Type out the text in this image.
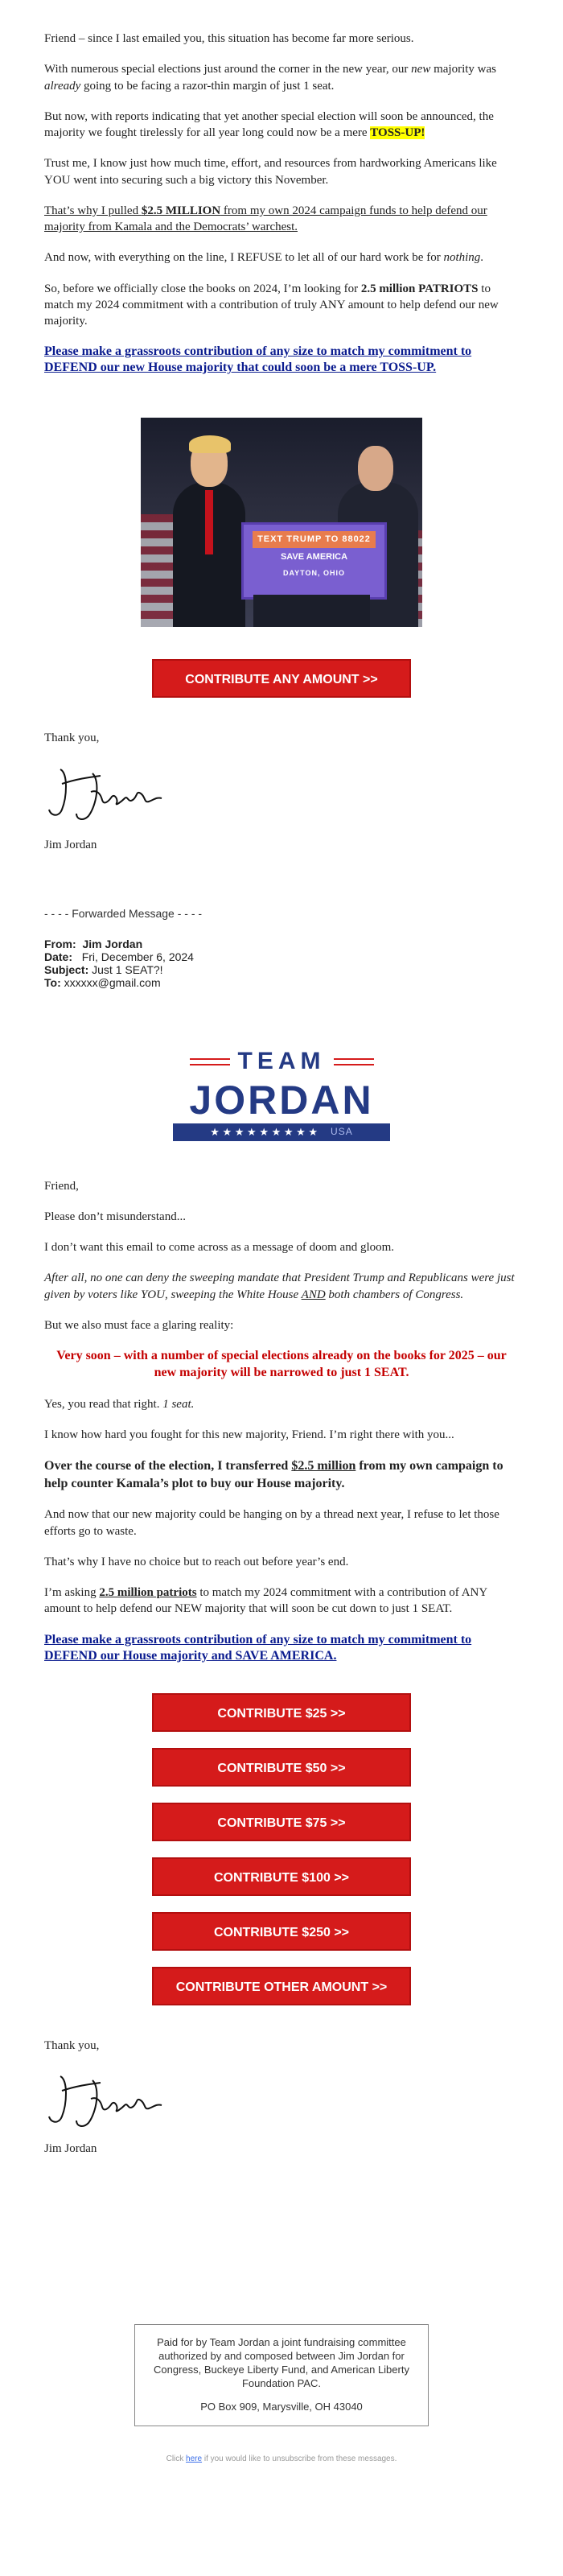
Friend – since I last emailed you, this situation has become far more serious.

With numerous special elections just around the corner in the new year, our new majority was already going to be facing a razor-thin margin of just 1 seat.

But now, with reports indicating that yet another special election will soon be announced, the majority we fought tirelessly for all year long could now be a mere TOSS-UP!

Trust me, I know just how much time, effort, and resources from hardworking Americans like YOU went into securing such a big victory this November.

That’s why I pulled $2.5 MILLION from my own 2024 campaign funds to help defend our majority from Kamala and the Democrats’ warchest.

And now, with everything on the line, I REFUSE to let all of our hard work be for nothing.

So, before we officially close the books on 2024, I’m looking for 2.5 million PATRIOTS to match my 2024 commitment with a contribution of truly ANY amount to help defend our new majority.

Please make a grassroots contribution of any size to match my commitment to DEFEND our new House majority that could soon be a mere TOSS-UP.
TEXT TRUMP TO 88022
SAVE AMERICA
DAYTON, OHIO
CONTRIBUTE ANY AMOUNT >>

Thank you,

Jim Jordan

- - - - Forwarded Message - - - -
From: Jim Jordan
Date: Fri, December 6, 2024
Subject: Just 1 SEAT?!
To: xxxxxx@gmail.com
TEAM
JORDAN
★ ★ ★ ★ ★ ★ ★ ★ ★ USA

Friend,

Please don’t misunderstand...

I don’t want this email to come across as a message of doom and gloom.

After all, no one can deny the sweeping mandate that President Trump and Republicans were just given by voters like YOU, sweeping the White House AND both chambers of Congress.

But we also must face a glaring reality:

Very soon – with a number of special elections already on the books for 2025 – our new majority will be narrowed to just 1 SEAT.

Yes, you read that right. 1 seat.

I know how hard you fought for this new majority, Friend. I’m right there with you...

Over the course of the election, I transferred $2.5 million from my own campaign to help counter Kamala’s plot to buy our House majority.

And now that our new majority could be hanging on by a thread next year, I refuse to let those efforts go to waste.

That’s why I have no choice but to reach out before year’s end.

I’m asking 2.5 million patriots to match my 2024 commitment with a contribution of ANY amount to help defend our NEW majority that will soon be cut down to just 1 SEAT.

Please make a grassroots contribution of any size to match my commitment to DEFEND our House majority and SAVE AMERICA.
CONTRIBUTE $25 >>
CONTRIBUTE $50 >>
CONTRIBUTE $75 >>
CONTRIBUTE $100 >>
CONTRIBUTE $250 >>
CONTRIBUTE OTHER AMOUNT >>

Thank you,

Jim Jordan

Paid for by Team Jordan a joint fundraising committee authorized by and composed between Jim Jordan for Congress, Buckeye Liberty Fund, and American Liberty Foundation PAC.
PO Box 909, Marysville, OH 43040
Click here if you would like to unsubscribe from these messages.
